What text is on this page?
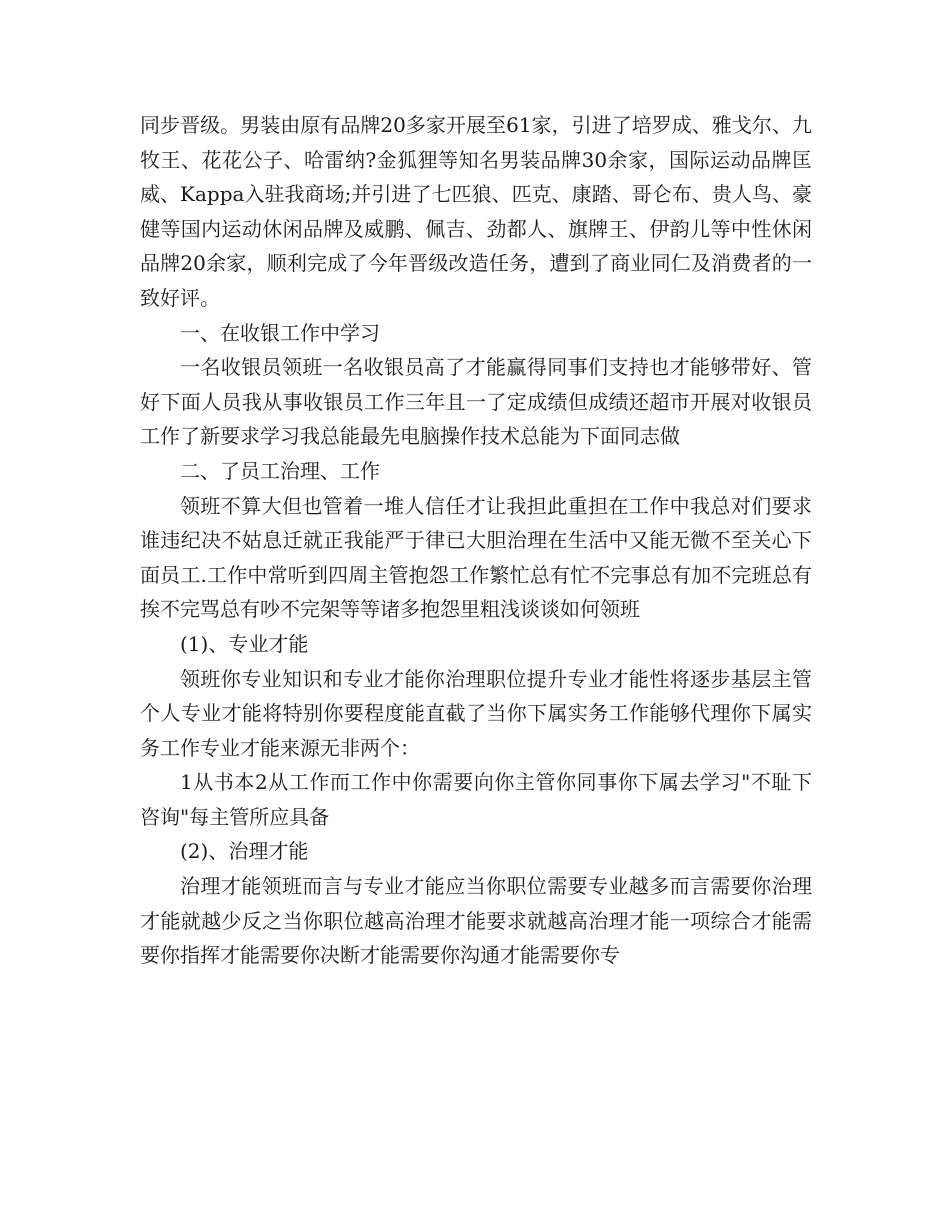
同步晋级。男装由原有品牌20多家开展至61家，引进了培罗成、雅戈尔、九牧王、花花公子、哈雷纳?金狐狸等知名男装品牌30余家，国际运动品牌匡威、Kappa入驻我商场;并引进了七匹狼、匹克、康踏、哥仑布、贵人鸟、豪健等国内运动休闲品牌及威鹏、佩吉、劲都人、旗牌王、伊韵儿等中性休闲品牌20余家，顺利完成了今年晋级改造任务，遭到了商业同仁及消费者的一致好评。

一、在收银工作中学习

一名收银员领班一名收银员高了才能赢得同事们支持也才能够带好、管好下面人员我从事收银员工作三年且一了定成绩但成绩还超市开展对收银员工作了新要求学习我总能最先电脑操作技术总能为下面同志做

二、了员工治理、工作

领班不算大但也管着一堆人信任才让我担此重担在工作中我总对们要求谁违纪决不姑息迁就正我能严于律已大胆治理在生活中又能无微不至关心下面员工.工作中常听到四周主管抱怨工作繁忙总有忙不完事总有加不完班总有挨不完骂总有吵不完架等等诸多抱怨里粗浅谈谈如何领班

(1)、专业才能

领班你专业知识和专业才能你治理职位提升专业才能性将逐步基层主管个人专业才能将特别你要程度能直截了当你下属实务工作能够代理你下属实务工作专业才能来源无非两个：

1从书本2从工作而工作中你需要向你主管你同事你下属去学习"不耻下咨询"每主管所应具备

(2)、治理才能

治理才能领班而言与专业才能应当你职位需要专业越多而言需要你治理才能就越少反之当你职位越高治理才能要求就越高治理才能一项综合才能需要你指挥才能需要你决断才能需要你沟通才能需要你专
